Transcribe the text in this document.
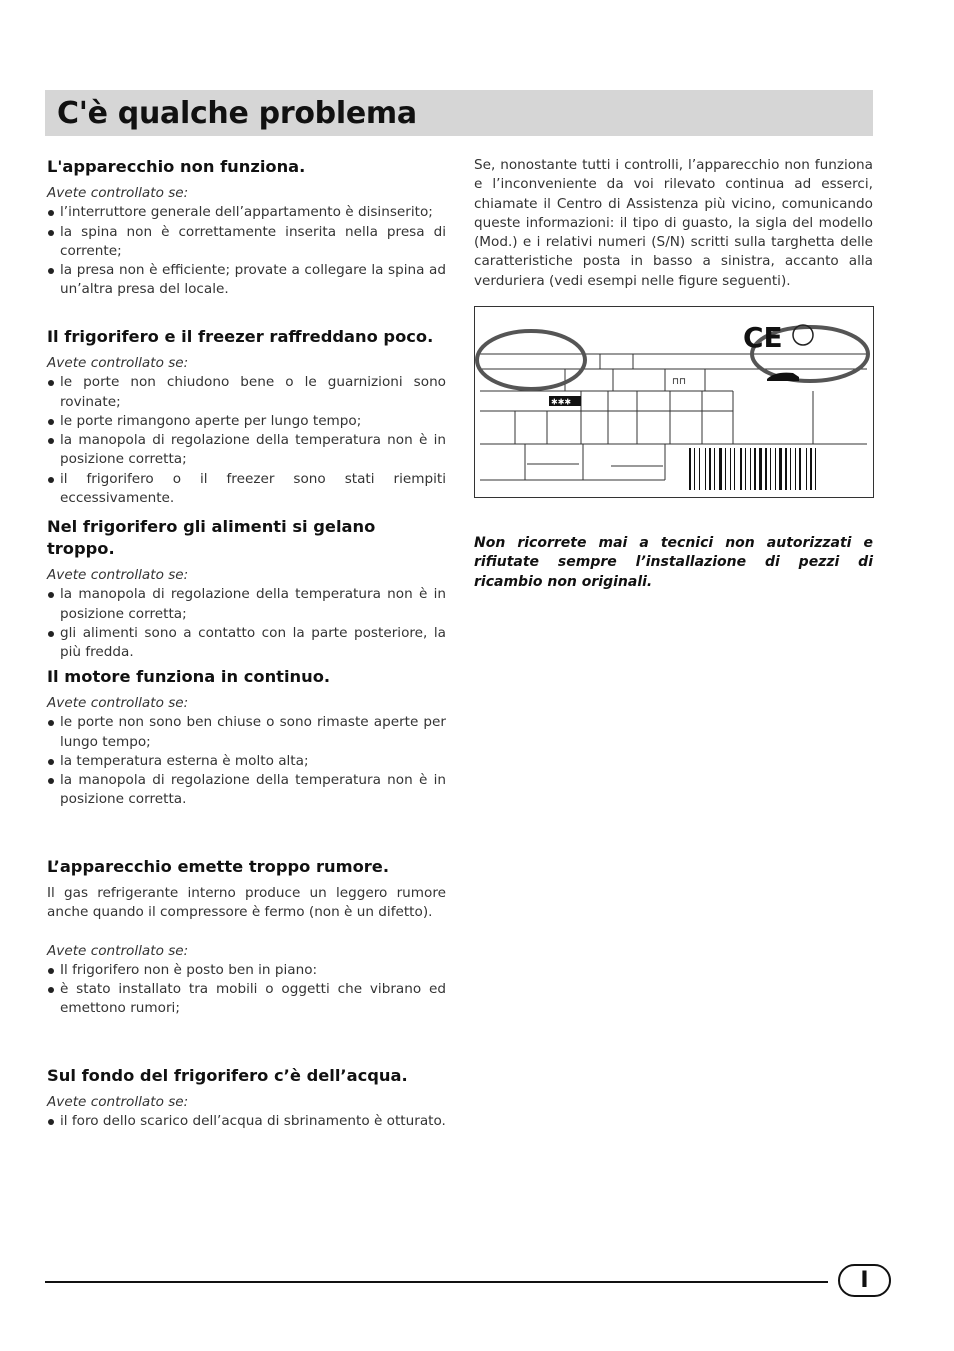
C'è qualche problema
L'apparecchio non funziona.
Avete controllato se:
l’interruttore generale dell’appartamento è disinserito;
la spina non è correttamente inserita nella presa di corrente;
la presa non è efficiente; provate a collegare la spina ad un’altra presa del locale.
Il frigorifero e il freezer raffreddano poco.
Avete controllato se:
le porte non chiudono bene o le guarnizioni sono rovinate;
le porte rimangono aperte per lungo tempo;
la manopola di regolazione della temperatura non è in posizione corretta;
il frigorifero o il freezer sono stati riempiti eccessivamente.
Nel frigorifero gli alimenti si gelano troppo.
Avete controllato se:
la manopola di regolazione della temperatura non è in posizione corretta;
gli alimenti sono a contatto con la parte posteriore, la più fredda.
Il motore funziona in continuo.
Avete controllato se:
le porte non sono ben chiuse o sono rimaste aperte per lungo tempo;
la temperatura esterna è molto alta;
la manopola di regolazione della temperatura non è in posizione corretta.
L’apparecchio emette troppo rumore.
Il gas refrigerante interno produce un leggero rumore anche quando il compressore è fermo (non è un difetto).
Avete controllato se:
Il frigorifero non è posto ben in piano:
è stato installato tra mobili o oggetti che vibrano ed emettono rumori;
Sul fondo del frigorifero c’è dell’acqua.
Avete controllato se:
il foro dello scarico dell’acqua di sbrinamento è otturato.
Se, nonostante tutti i controlli, l’apparecchio non funziona e l’inconveniente da voi rilevato continua ad esserci, chiamate il Centro di Assistenza più vicino, comunicando queste informazioni: il tipo di guasto, la sigla del modello (Mod.) e i relativi numeri (S/N) scritti sulla targhetta delle caratteristiche posta in basso a sinistra, accanto alla verduriera (vedi esempi nelle figure seguenti).
CE
✱✱✱
⊓⊓
Non ricorrete mai a tecnici non autorizzati e rifiutate sempre l’installazione di pezzi di ricambio non originali.
I
